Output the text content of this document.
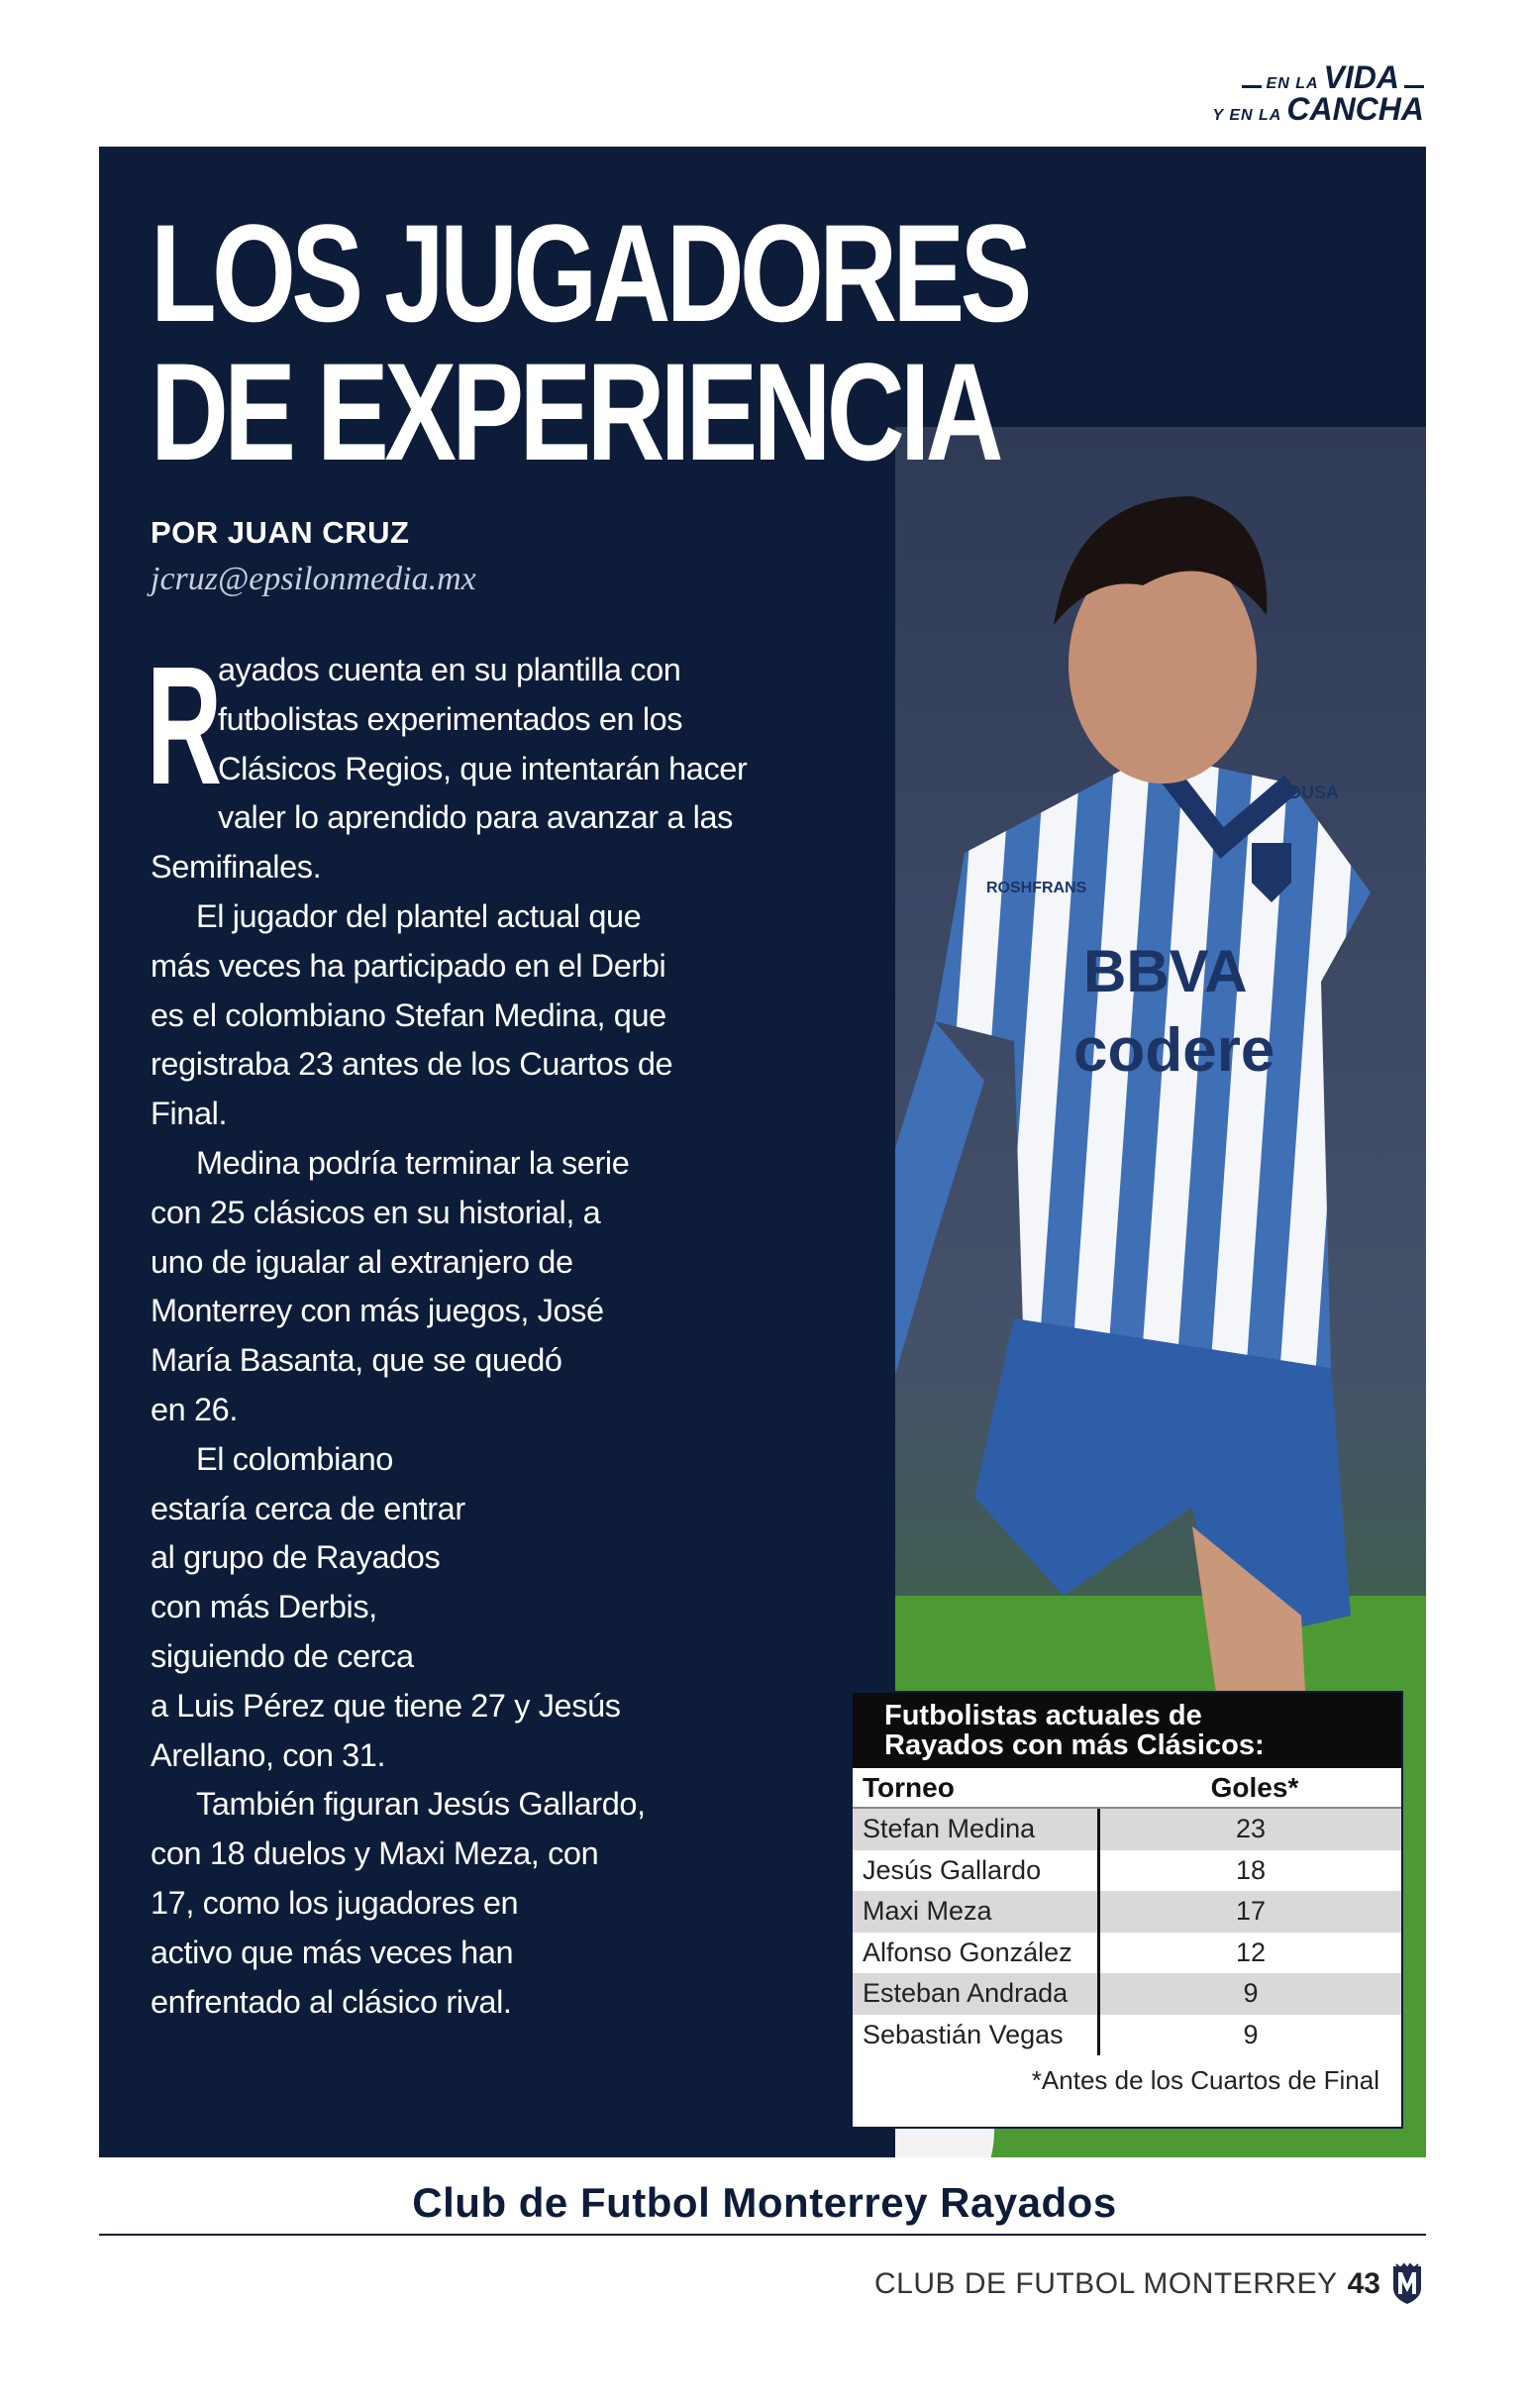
EN LA VIDA
Y EN LA CANCHA
BBVA
codere
ROSHFRANS
VIDUSA
LOS JUGADORES
DE EXPERIENCIA
POR JUAN CRUZ
jcruz@epsilonmedia.mx
R
ayados cuenta en su plantilla con
futbolistas experimentados en los
Clásicos Regios, que intentarán hacer
valer lo aprendido para avanzar a las
Semifinales.
El jugador del plantel actual que
más veces ha participado en el Derbi
es el colombiano Stefan Medina, que
registraba 23 antes de los Cuartos de
Final.
Medina podría terminar la serie
con 25 clásicos en su historial, a
uno de igualar al extranjero de
Monterrey con más juegos, José
María Basanta, que se quedó
en 26.
El colombiano
estaría cerca de entrar
al grupo de Rayados
con más Derbis,
siguiendo de cerca
a Luis Pérez que tiene 27 y Jesús
Arellano, con 31.
También figuran Jesús Gallardo,
con 18 duelos y Maxi Meza, con
17, como los jugadores en
activo que más veces han
enfrentado al clásico rival.
Futbolistas actuales de
Rayados con más Clásicos:
Torneo	Goles*
Stefan Medina	23
Jesús Gallardo	18
Maxi Meza	17
Alfonso González	12
Esteban Andrada	9
Sebastián Vegas	9
*Antes de los Cuartos de Final
Club de Futbol Monterrey Rayados
CLUB DE FUTBOL MONTERREY 43
